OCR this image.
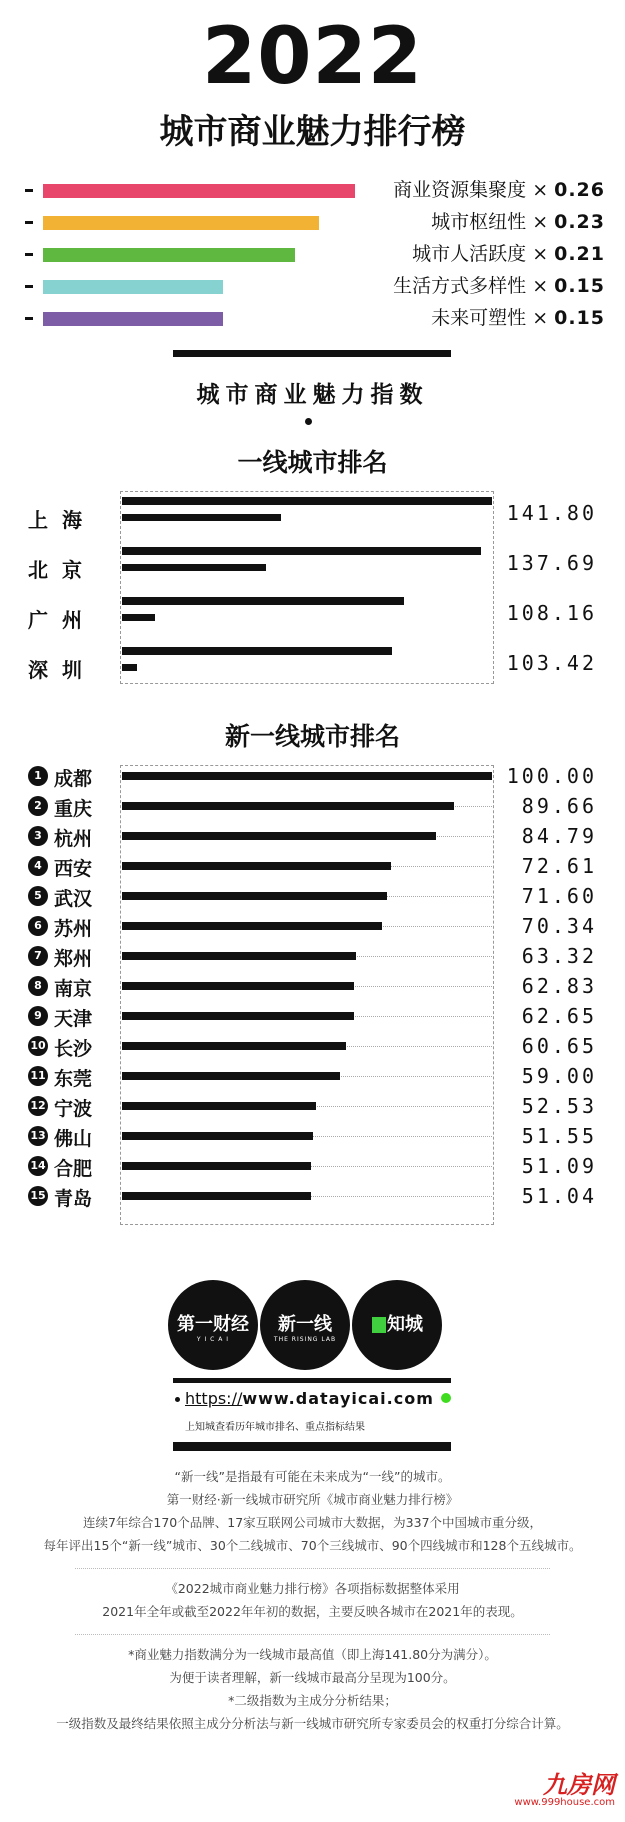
2022
城市商业魅力排行榜
商业资源集聚度 × 0.26
城市枢纽性 × 0.23
城市人活跃度 × 0.21
生活方式多样性 × 0.15
未来可塑性 × 0.15
城市商业魅力指数
一线城市排名
上海	141.80
北京	137.69
广州	108.16
深圳	103.42
新一线城市排名
1 成都	100.00
2 重庆	89.66
3 杭州	84.79
4 西安	72.61
5 武汉	71.60
6 苏州	70.34
7 郑州	63.32
8 南京	62.83
9 天津	62.65
10 长沙	60.65
11 东莞	59.00
12 宁波	52.53
13 佛山	51.55
14 合肥	51.09
15 青岛	51.04
第一财经
Y I C A I
新一线
THE RISING LAB
知城
https://www.datayicai.com
上知城查看历年城市排名、重点指标结果
“新一线”是指最有可能在未来成为“一线”的城市。
第一财经·新一线城市研究所《城市商业魅力排行榜》
连续7年综合170个品牌、17家互联网公司城市大数据，为337个中国城市重分级，
每年评出15个“新一线”城市、30个二线城市、70个三线城市、90个四线城市和128个五线城市。
《2022城市商业魅力排行榜》各项指标数据整体采用
2021年全年或截至2022年年初的数据，主要反映各城市在2021年的表现。
*商业魅力指数满分为一线城市最高值（即上海141.80分为满分）。
为便于读者理解，新一线城市最高分呈现为100分。
*二级指数为主成分分析结果；
一级指数及最终结果依照主成分分析法与新一线城市研究所专家委员会的权重打分综合计算。
九房网
www.999house.com
